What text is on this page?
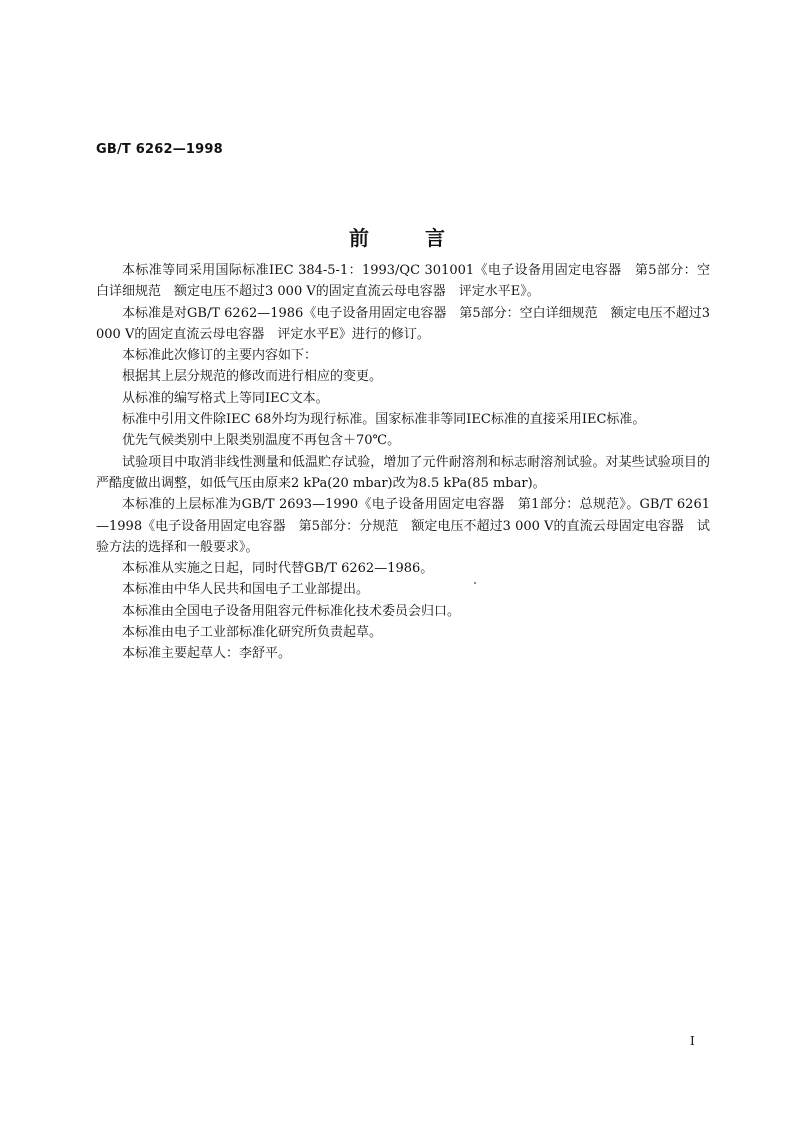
GB/T 6262—1998
前	言

本标准等同采用国际标准IEC 384-5-1：1993/QC 301001《电子设备用固定电容器　第5部分：空白详细规范　额定电压不超过3 000 V的固定直流云母电容器　评定水平E》。

本标准是对GB/T 6262—1986《电子设备用固定电容器　第5部分：空白详细规范　额定电压不超过3 000 V的固定直流云母电容器　评定水平E》进行的修订。

本标准此次修订的主要内容如下：

根据其上层分规范的修改而进行相应的变更。

从标准的编写格式上等同IEC文本。

标准中引用文件除IEC 68外均为现行标准。国家标准非等同IEC标准的直接采用IEC标准。

优先气候类别中上限类别温度不再包含＋70℃。

试验项目中取消非线性测量和低温贮存试验，增加了元件耐溶剂和标志耐溶剂试验。对某些试验项目的严酷度做出调整，如低气压由原来2 kPa(20 mbar)改为8.5 kPa(85 mbar)。

本标准的上层标准为GB/T 2693—1990《电子设备用固定电容器　第1部分：总规范》。GB/T 6261—1998《电子设备用固定电容器　第5部分：分规范　额定电压不超过3 000 V的直流云母固定电容器　试验方法的选择和一般要求》。

本标准从实施之日起，同时代替GB/T 6262—1986。

本标准由中华人民共和国电子工业部提出。

本标准由全国电子设备用阻容元件标准化技术委员会归口。

本标准由电子工业部标准化研究所负责起草。

本标准主要起草人：李舒平。

I
